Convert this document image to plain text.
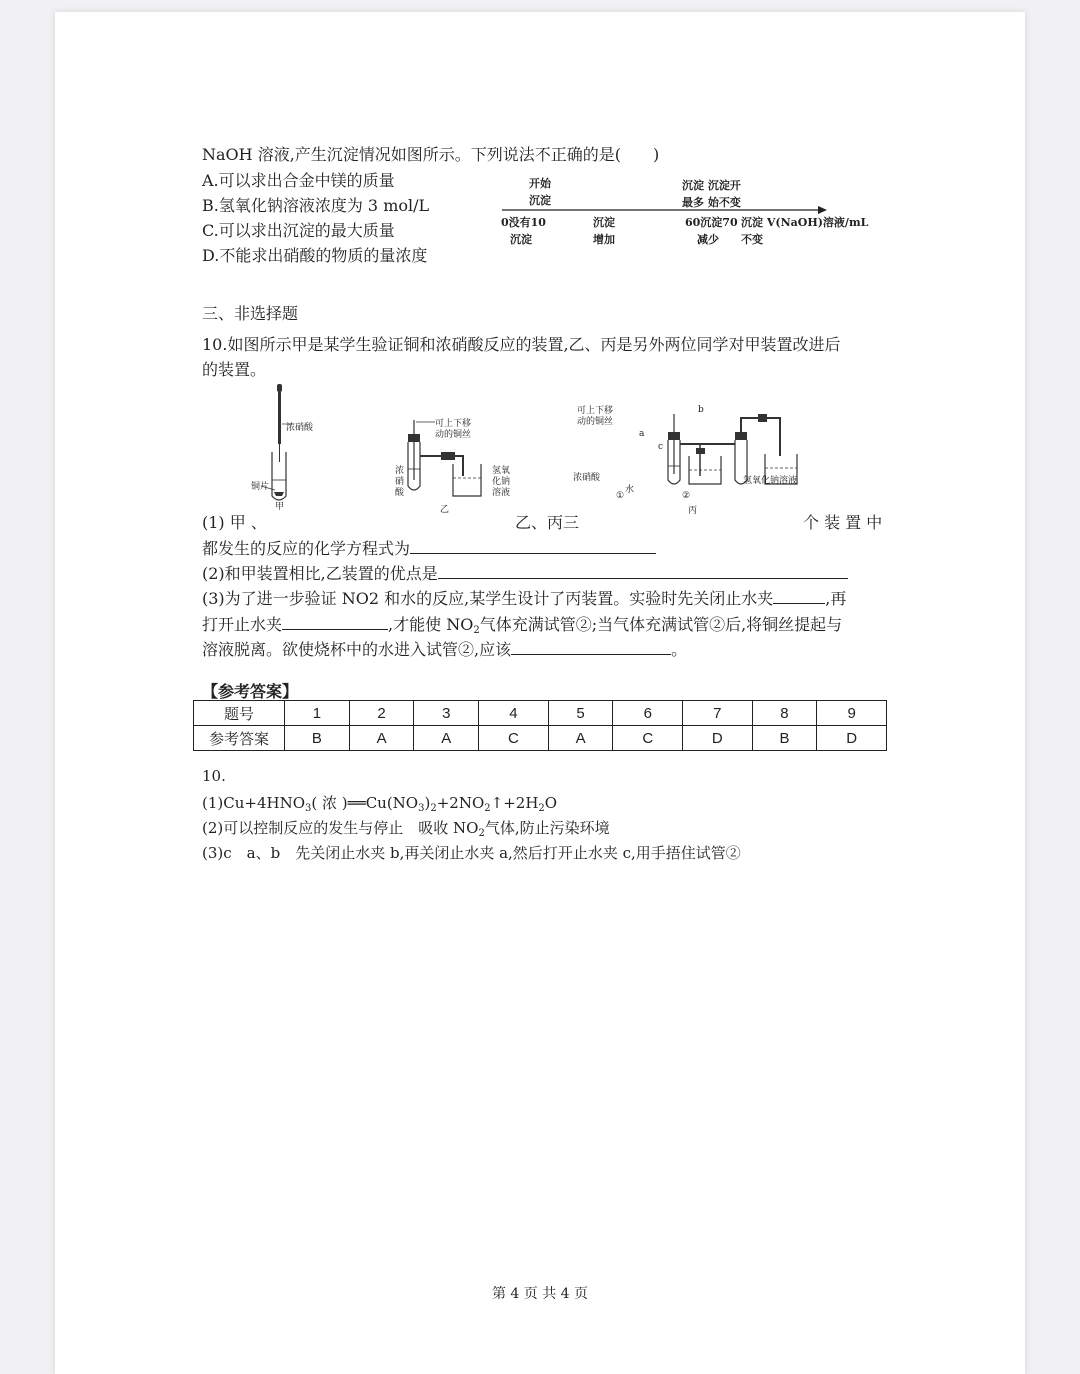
NaOH 溶液,产生沉淀情况如图所示。下列说法不正确的是(　　)
A.可以求出合金中镁的质量
B.氢氧化钠溶液浓度为 3 mol/L
C.可以求出沉淀的最大质量
D.不能求出硝酸的物质的量浓度
开始
沉淀
沉淀 沉淀开
最多 始不变
0没有10	沉淀	60沉淀70 沉淀 V(NaOH)溶液/mL
沉淀	增加	减少 不变
三、非选择题
10.如图所示甲是某学生验证铜和浓硝酸反应的装置,乙、丙是另外两位同学对甲装置改进后
的装置。
浓硝酸
铜片
甲
可上下移
动的铜丝
浓
硝
酸
氢氧
化钠
溶液
乙
可上下移
动的铜丝
a
b
c
浓硝酸
水
氢氧化钠溶液
①	②
丙
(1) 甲 、	乙、丙三	个 装 置 中
都发生的反应的化学方程式为
(2)和甲装置相比,乙装置的优点是
(3)为了进一步验证 NO2 和水的反应,某学生设计了丙装置。实验时先关闭止水夹	,再
打开止水夹	,才能使 $NO_2$气体充满试管②;当气体充满试管②后,将铜丝提起与
溶液脱离。欲使烧杯中的水进入试管②,应该	。
【参考答案】
题号	1	2	3	4	5	6	7	8	9
参考答案	B	A	A	C	A	C	D	B	D
10.
$(1)Cu+4HNO_3$( 浓 )$══Cu(NO_3)_2+2NO_2↑+2H_2O$
(2)可以控制反应的发生与停止　吸收 $NO_2$气体,防止污染环境
(3)c　a、b　先关闭止水夹 b,再关闭止水夹 a,然后打开止水夹 c,用手捂住试管②
第 4 页 共 4 页
